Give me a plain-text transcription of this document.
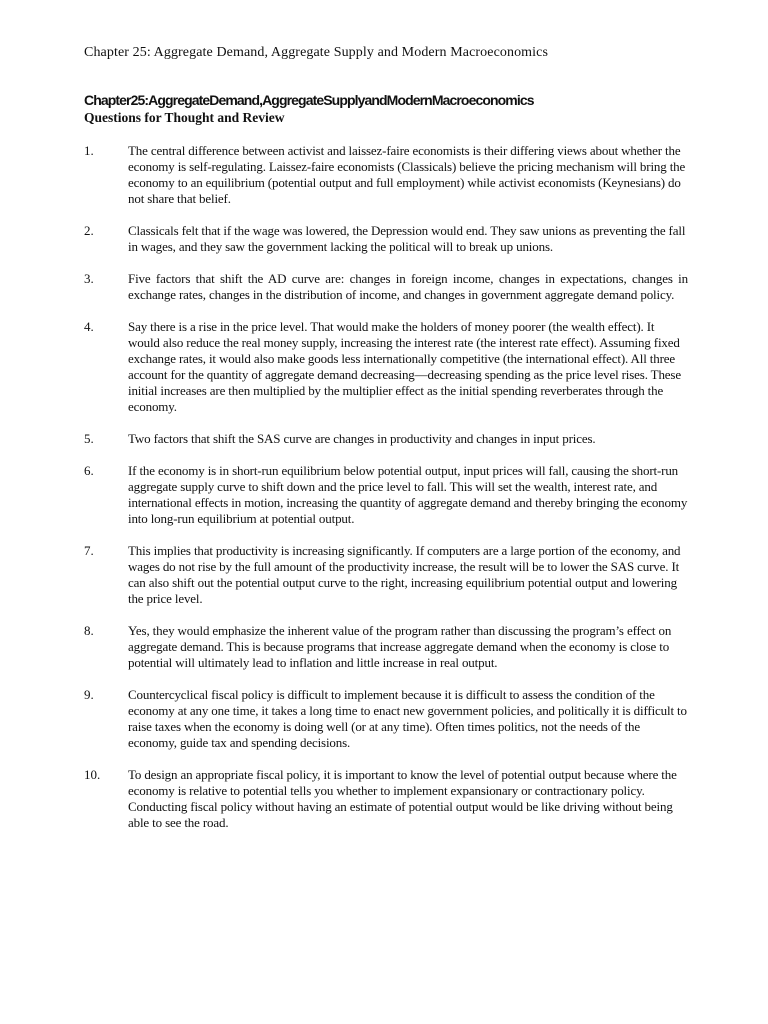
Chapter 25: Aggregate Demand, Aggregate Supply and Modern Macroeconomics
Chapter25:AggregateDemand,AggregateSupplyandModernMacroeconomics
Questions for Thought and Review
1.	The central difference between activist and laissez-faire economists is their differing views about whether the economy is self-regulating. Laissez-faire economists (Classicals) believe the pricing mechanism will bring the economy to an equilibrium (potential output and full employment) while activist economists (Keynesians) do not share that belief.
2.	Classicals felt that if the wage was lowered, the Depression would end. They saw unions as preventing the fall in wages, and they saw the government lacking the political will to break up unions.
3.	Five factors that shift the AD curve are: changes in foreign income, changes in expectations, changes in exchange rates, changes in the distribution of income, and changes in government aggregate demand policy.
4.	Say there is a rise in the price level. That would make the holders of money poorer (the wealth effect). It would also reduce the real money supply, increasing the interest rate (the interest rate effect). Assuming fixed exchange rates, it would also make goods less internationally competitive (the international effect). All three account for the quantity of aggregate demand decreasing—decreasing spending as the price level rises. These initial increases are then multiplied by the multiplier effect as the initial spending reverberates through the economy.
5.	Two factors that shift the SAS curve are changes in productivity and changes in input prices.
6.	If the economy is in short-run equilibrium below potential output, input prices will fall, causing the short-run aggregate supply curve to shift down and the price level to fall. This will set the wealth, interest rate, and international effects in motion, increasing the quantity of aggregate demand and thereby bringing the economy into long-run equilibrium at potential output.
7.	This implies that productivity is increasing significantly. If computers are a large portion of the economy, and wages do not rise by the full amount of the productivity increase, the result will be to lower the SAS curve. It can also shift out the potential output curve to the right, increasing equilibrium potential output and lowering the price level.
8.	Yes, they would emphasize the inherent value of the program rather than discussing the program’s effect on aggregate demand. This is because programs that increase aggregate demand when the economy is close to potential will ultimately lead to inflation and little increase in real output.
9.	Countercyclical fiscal policy is difficult to implement because it is difficult to assess the condition of the economy at any one time, it takes a long time to enact new government policies, and politically it is difficult to raise taxes when the economy is doing well (or at any time). Often times politics, not the needs of the economy, guide tax and spending decisions.
10.	To design an appropriate fiscal policy, it is important to know the level of potential output because where the economy is relative to potential tells you whether to implement expansionary or contractionary policy. Conducting fiscal policy without having an estimate of potential output would be like driving without being able to see the road.
